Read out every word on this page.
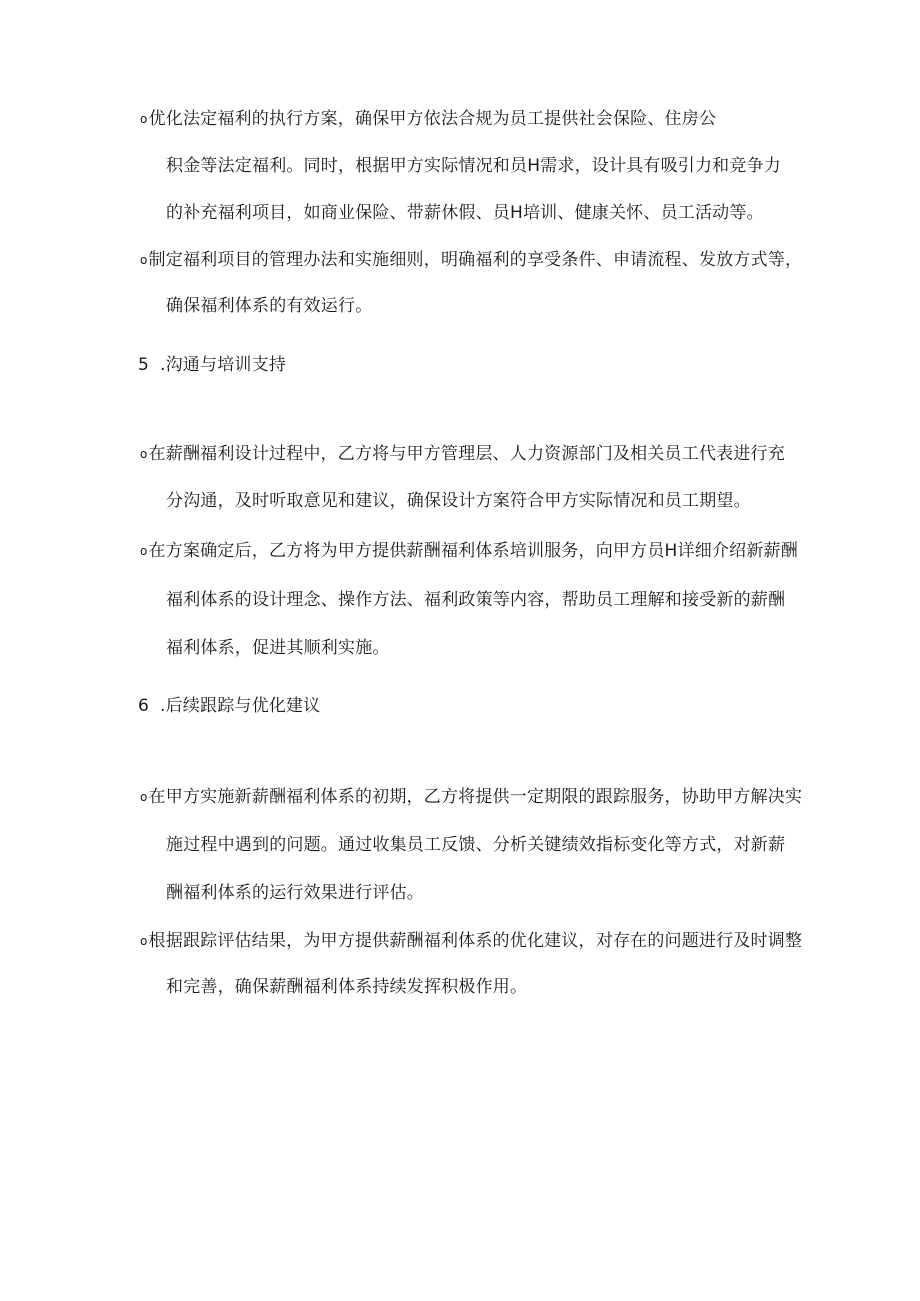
o优化法定福利的执行方案，确保甲方依法合规为员工提供社会保险、住房公
积金等法定福利。同时，根据甲方实际情况和员H需求，设计具有吸引力和竞争力
的补充福利项目，如商业保险、带薪休假、员H培训、健康关怀、员工活动等。
o制定福利项目的管理办法和实施细则，明确福利的享受条件、申请流程、发放方式等，
确保福利体系的有效运行。
5 .沟通与培训支持
o在薪酬福利设计过程中，乙方将与甲方管理层、人力资源部门及相关员工代表进行充
分沟通，及时听取意见和建议，确保设计方案符合甲方实际情况和员工期望。
o在方案确定后，乙方将为甲方提供薪酬福利体系培训服务，向甲方员H详细介绍新薪酬
福利体系的设计理念、操作方法、福利政策等内容，帮助员工理解和接受新的薪酬
福利体系，促进其顺利实施。
6 .后续跟踪与优化建议
o在甲方实施新薪酬福利体系的初期，乙方将提供一定期限的跟踪服务，协助甲方解决实
施过程中遇到的问题。通过收集员工反馈、分析关键绩效指标变化等方式，对新薪
酬福利体系的运行效果进行评估。
o根据跟踪评估结果，为甲方提供薪酬福利体系的优化建议，对存在的问题进行及时调整
和完善，确保薪酬福利体系持续发挥积极作用。
